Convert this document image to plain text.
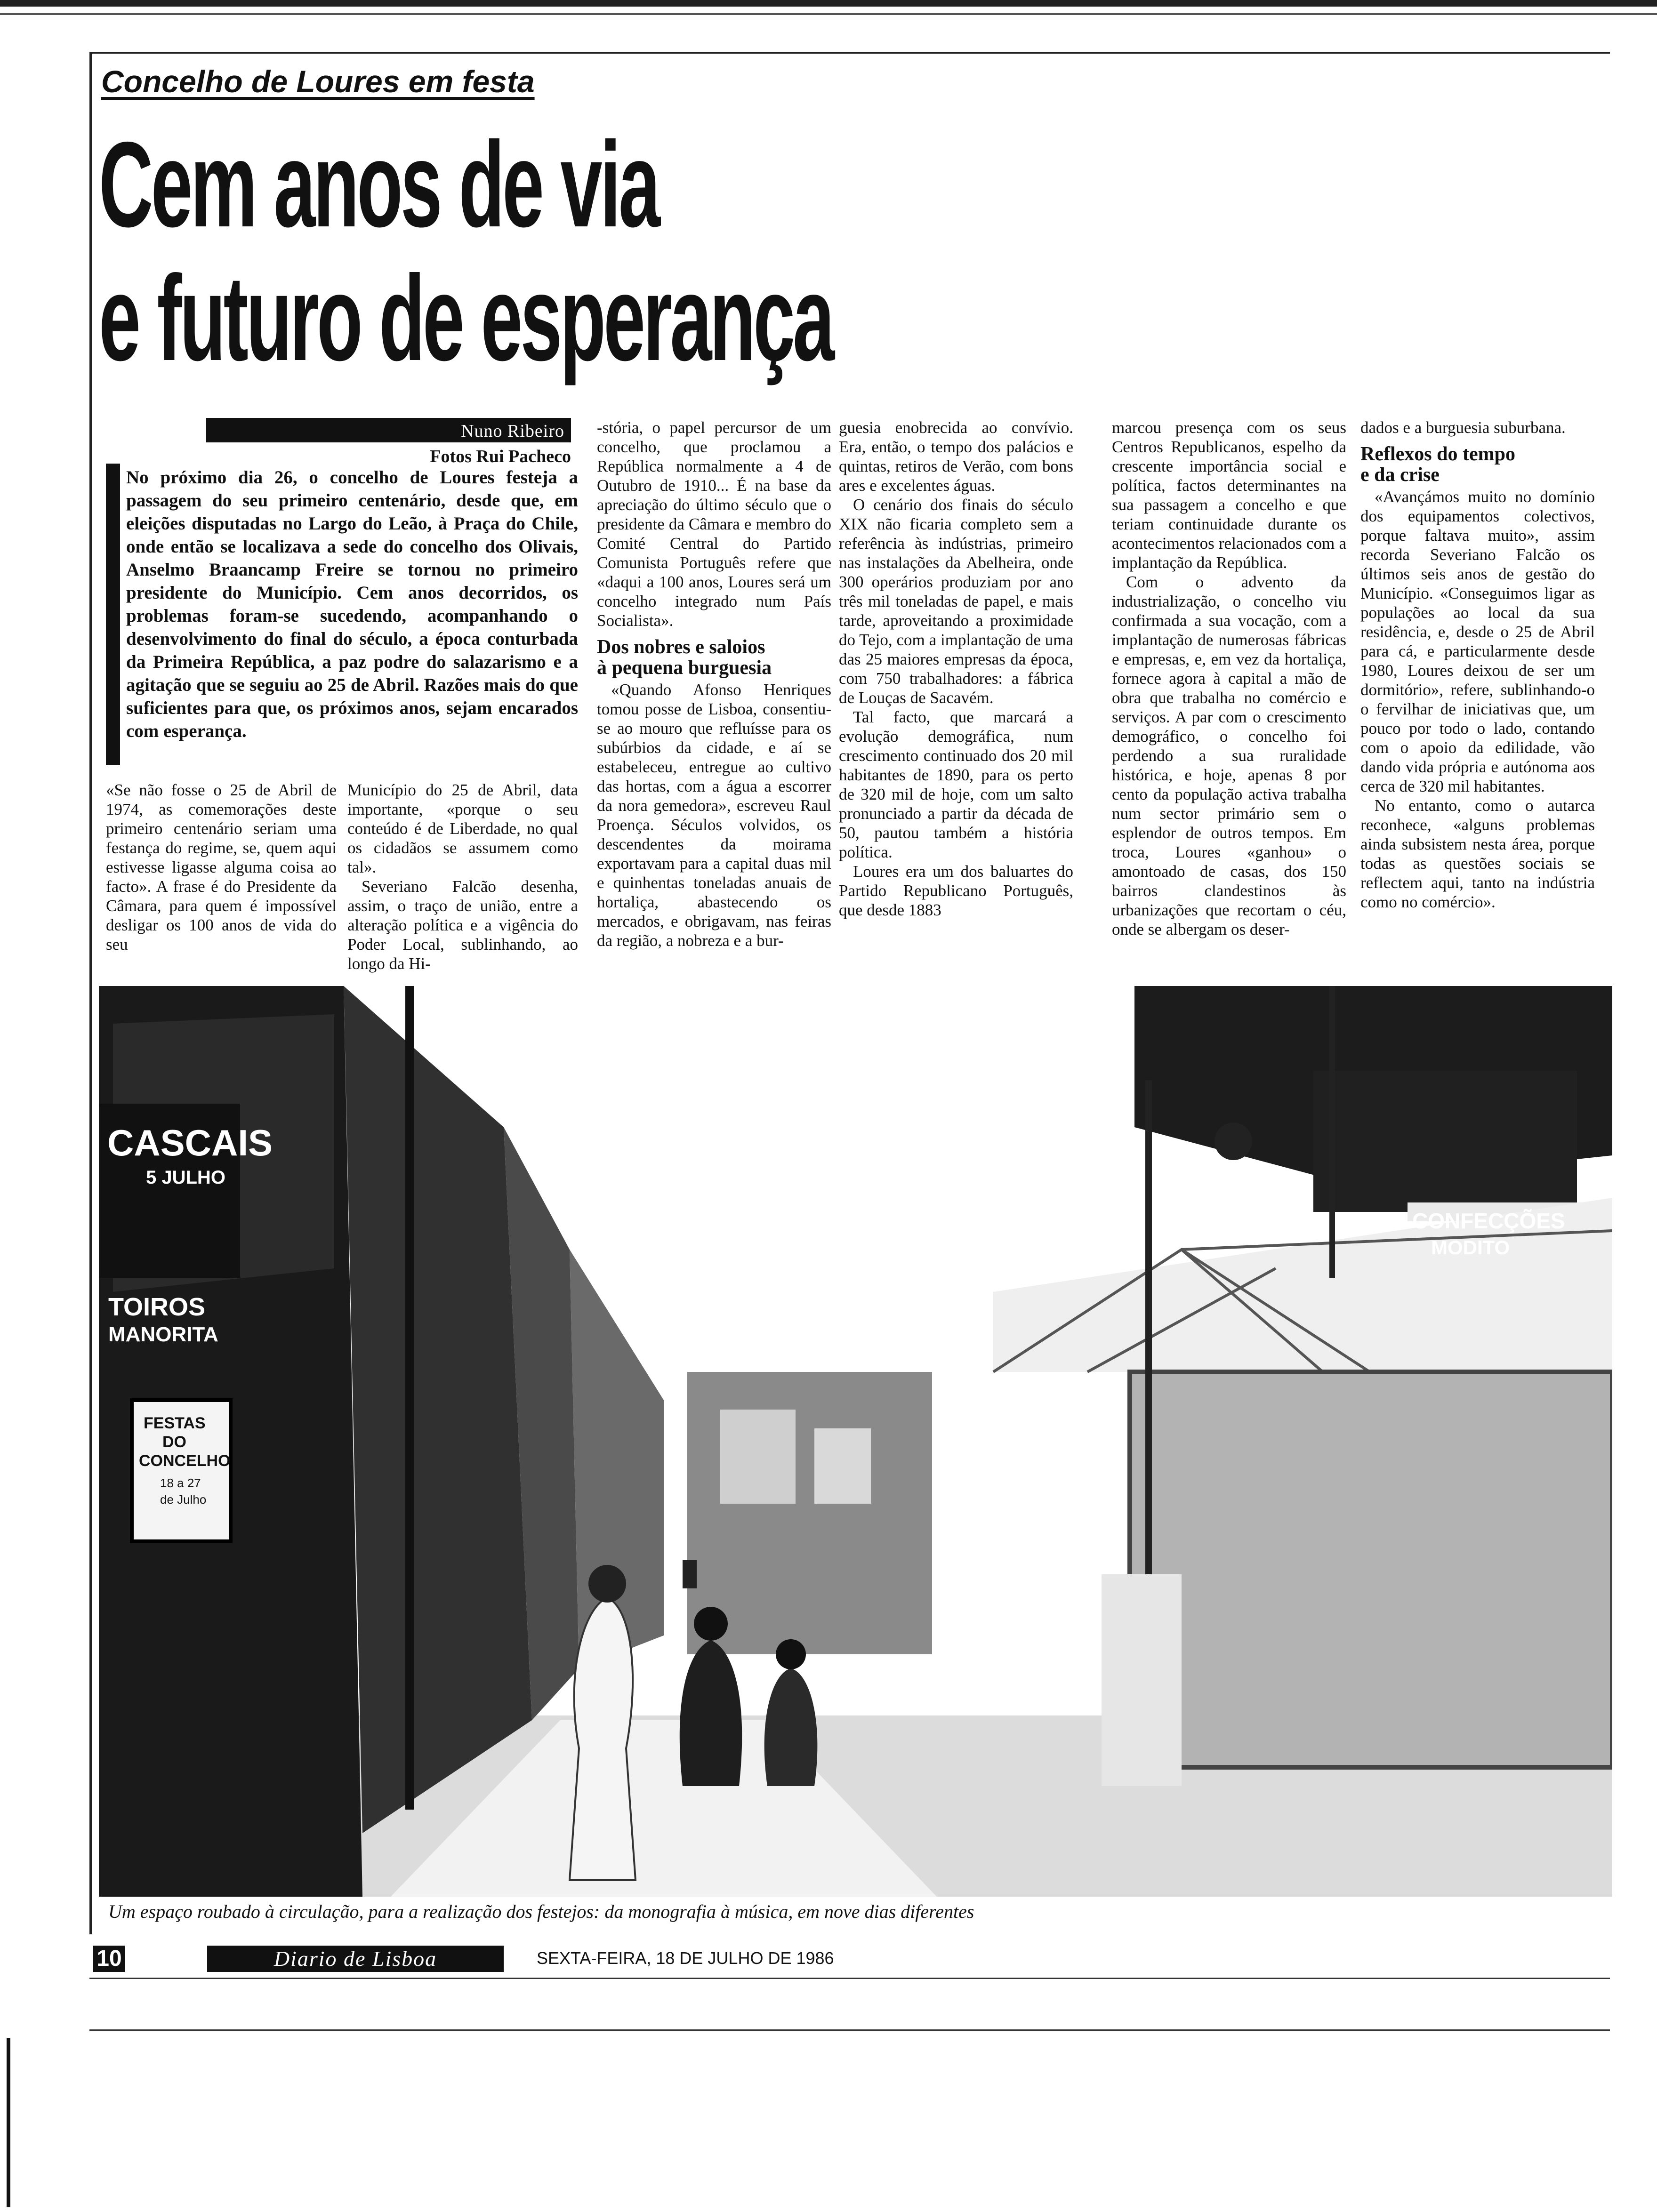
Concelho de Loures em festa
Cem anos de via
e futuro de esperança
Nuno Ribeiro
Fotos Rui Pacheco
No próximo dia 26, o concelho de Loures festeja a passagem do seu primeiro centenário, desde que, em eleições disputadas no Largo do Leão, à Praça do Chile, onde então se localizava a sede do concelho dos Olivais, Anselmo Braancamp Freire se tornou no primeiro presidente do Município. Cem anos decorridos, os problemas foram-se sucedendo, acompanhando o desenvolvimento do final do século, a época conturbada da Primeira República, a paz podre do salazarismo e a agitação que se seguiu ao 25 de Abril. Razões mais do que suficientes para que, os próximos anos, sejam encarados com esperança.

«Se não fosse o 25 de Abril de 1974, as comemorações deste primeiro centenário seriam uma festança do regime, se, quem aqui estivesse ligasse alguma coisa ao facto». A frase é do Presidente da Câmara, para quem é impossível desligar os 100 anos de vida do seu

Município do 25 de Abril, data importante, «porque o seu conteúdo é de Liberdade, no qual os cidadãos se assumem como tal».

Severiano Falcão desenha, assim, o traço de união, entre a alteração política e a vigência do Poder Local, sublinhando, ao longo da Hi-

-stória, o papel percursor de um concelho, que proclamou a República normalmente a 4 de Outubro de 1910... É na base da apreciação do último século que o presidente da Câmara e membro do Comité Central do Partido Comunista Português refere que «daqui a 100 anos, Loures será um concelho integrado num País Socialista».

Dos nobres e saloios
à pequena burguesia

«Quando Afonso Henriques tomou posse de Lisboa, consentiu-se ao mouro que refluísse para os subúrbios da cidade, e aí se estabeleceu, entregue ao cultivo das hortas, com a água a escorrer da nora gemedora», escreveu Raul Proença. Séculos volvidos, os descendentes da moirama exportavam para a capital duas mil e quinhentas toneladas anuais de hortaliça, abastecendo os mercados, e obrigavam, nas feiras da região, a nobreza e a bur-

guesia enobrecida ao convívio. Era, então, o tempo dos palácios e quintas, retiros de Verão, com bons ares e excelentes águas.

O cenário dos finais do século XIX não ficaria completo sem a referência às indústrias, primeiro nas instalações da Abelheira, onde 300 operários produziam por ano três mil toneladas de papel, e mais tarde, aproveitando a proximidade do Tejo, com a implantação de uma das 25 maiores empresas da época, com 750 trabalhadores: a fábrica de Louças de Sacavém.

Tal facto, que marcará a evolução demográfica, num crescimento continuado dos 20 mil habitantes de 1890, para os perto de 320 mil de hoje, com um salto pronunciado a partir da década de 50, pautou também a história política.

Loures era um dos baluartes do Partido Republicano Português, que desde 1883

marcou presença com os seus Centros Republicanos, espelho da crescente importância social e política, factos determinantes na sua passagem a concelho e que teriam continuidade durante os acontecimentos relacionados com a implantação da República.

Com o advento da industrialização, o concelho viu confirmada a sua vocação, com a implantação de numerosas fábricas e empresas, e, em vez da hortaliça, fornece agora à capital a mão de obra que trabalha no comércio e serviços. A par com o crescimento demográfico, o concelho foi perdendo a sua ruralidade histórica, e hoje, apenas 8 por cento da população activa trabalha num sector primário sem o esplendor de outros tempos. Em troca, Loures «ganhou» o amontoado de casas, dos 150 bairros clandestinos às urbanizações que recortam o céu, onde se albergam os deser-

dados e a burguesia suburbana.

Reflexos do tempo
e da crise

«Avançámos muito no domínio dos equipamentos colectivos, porque faltava muito», assim recorda Severiano Falcão os últimos seis anos de gestão do Município. «Conseguimos ligar as populações ao local da sua residência, e, desde o 25 de Abril para cá, e particularmente desde 1980, Loures deixou de ser um dormitório», refere, sublinhando-o o fervilhar de iniciativas que, um pouco por todo o lado, contando com o apoio da edilidade, vão dando vida própria e autónoma aos cerca de 320 mil habitantes.

No entanto, como o autarca reconhece, «alguns problemas ainda subsistem nesta área, porque todas as questões sociais se reflectem aqui, tanto na indústria como no comércio».

CASCAIS
5 JULHO
TOIROS
MANORITA
FESTAS
DO
CONCELHO
18 a 27
de Julho
CONFECÇÕES
MODITO
Um espaço roubado à circulação, para a realização dos festejos: da monografia à música, em nove dias diferentes
10	Diario de Lisboa	SEXTA-FEIRA, 18 DE JULHO DE 1986
